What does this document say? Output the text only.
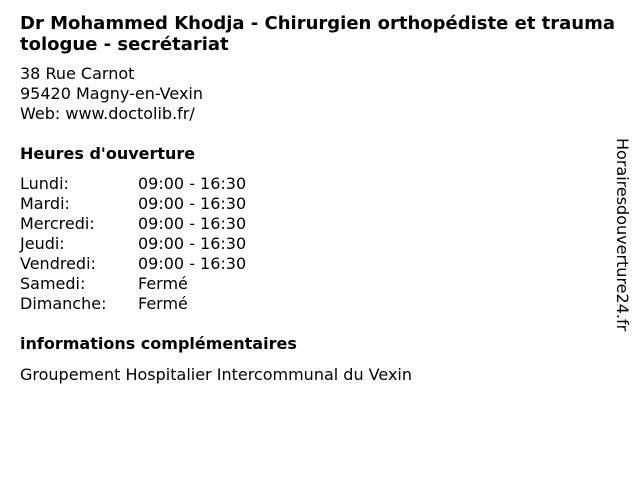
Dr Mohammed Khodja - Chirurgien orthopédiste et traumatologue - secrétariat
38 Rue Carnot
95420 Magny-en-Vexin
Web: www.doctolib.fr/
Heures d'ouverture
Lundi:	09:00 - 16:30
Mardi:	09:00 - 16:30
Mercredi:	09:00 - 16:30
Jeudi:	09:00 - 16:30
Vendredi:	09:00 - 16:30
Samedi:	Fermé
Dimanche:	Fermé
informations complémentaires
Groupement Hospitalier Intercommunal du Vexin
Horairesdouverture24.fr
